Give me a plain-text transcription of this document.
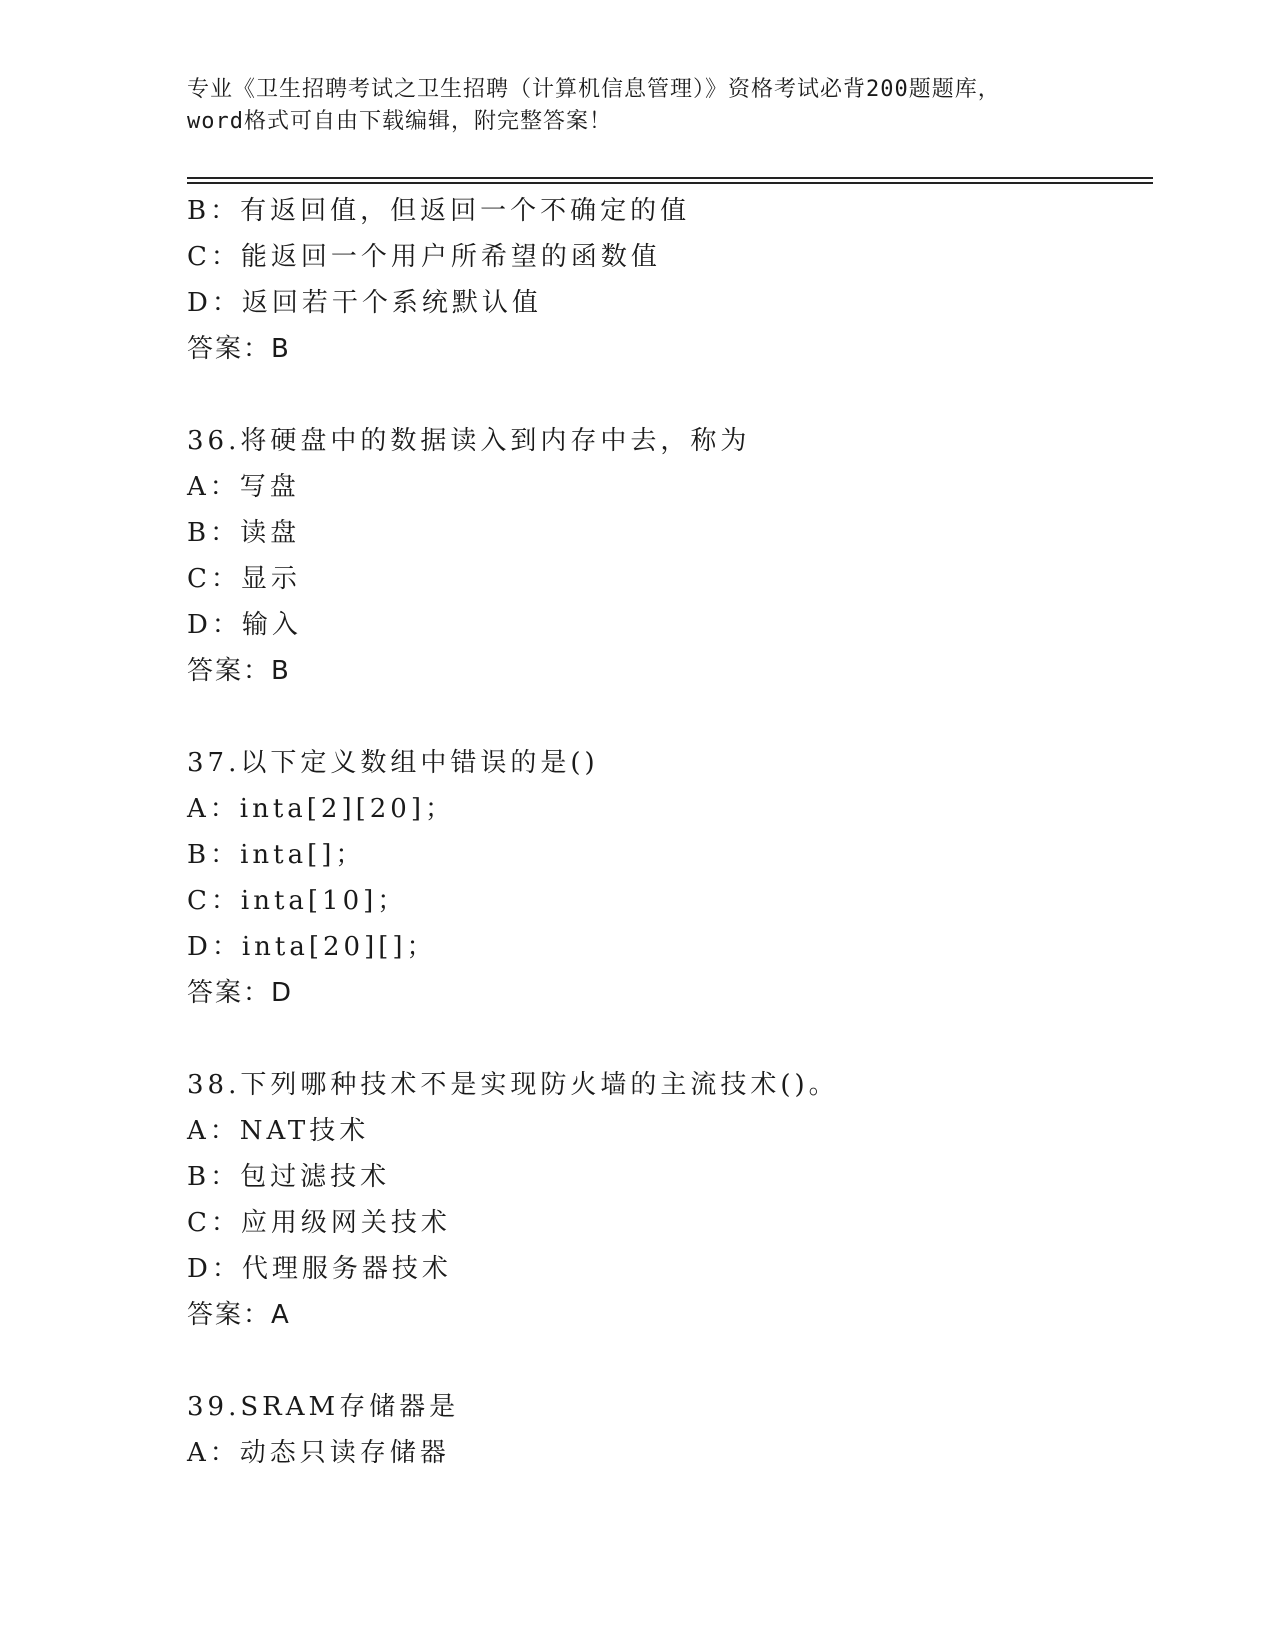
专业《卫生招聘考试之卫生招聘（计算机信息管理）》资格考试必背200题题库，
word格式可自由下载编辑，附完整答案！
B：有返回值，但返回一个不确定的值
C：能返回一个用户所希望的函数值
D：返回若干个系统默认值
答案：B
36.将硬盘中的数据读入到内存中去，称为
A：写盘
B：读盘
C：显示
D：输入
答案：B
37.以下定义数组中错误的是()
A：inta[2][20]；
B：inta[]；
C：inta[10]；
D：inta[20][]；
答案：D
38.下列哪种技术不是实现防火墙的主流技术()。
A：NAT技术
B：包过滤技术
C：应用级网关技术
D：代理服务器技术
答案：A
39.SRAM存储器是
A：动态只读存储器
